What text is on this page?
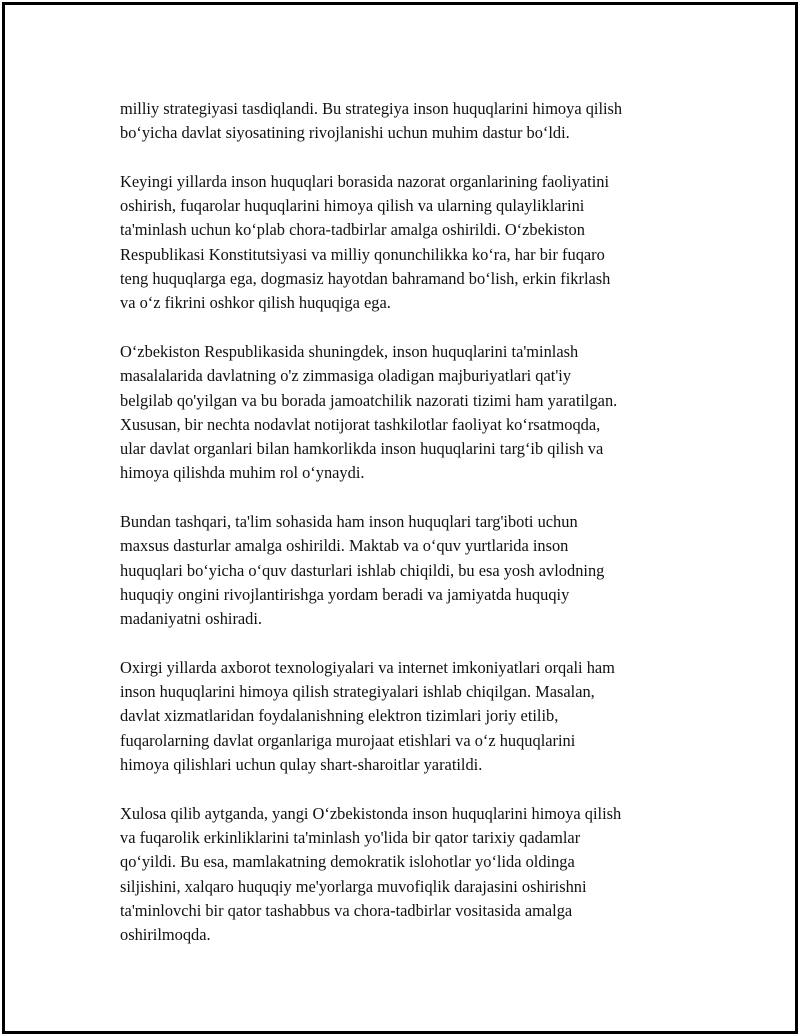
milliy strategiyasi tasdiqlandi. Bu strategiya inson huquqlarini himoya qilish
bo‘yicha davlat siyosatining rivojlanishi uchun muhim dastur bo‘ldi.

Keyingi yillarda inson huquqlari borasida nazorat organlarining faoliyatini
oshirish, fuqarolar huquqlarini himoya qilish va ularning qulayliklarini
ta'minlash uchun ko‘plab chora-tadbirlar amalga oshirildi. O‘zbekiston
Respublikasi Konstitutsiyasi va milliy qonunchilikka ko‘ra, har bir fuqaro
teng huquqlarga ega, dogmasiz hayotdan bahramand bo‘lish, erkin fikrlash
va o‘z fikrini oshkor qilish huquqiga ega.

O‘zbekiston Respublikasida shuningdek, inson huquqlarini ta'minlash
masalalarida davlatning o'z zimmasiga oladigan majburiyatlari qat'iy
belgilab qo'yilgan va bu borada jamoatchilik nazorati tizimi ham yaratilgan.
Xususan, bir nechta nodavlat notijorat tashkilotlar faoliyat ko‘rsatmoqda,
ular davlat organlari bilan hamkorlikda inson huquqlarini targ‘ib qilish va
himoya qilishda muhim rol o‘ynaydi.

Bundan tashqari, ta'lim sohasida ham inson huquqlari targ'iboti uchun
maxsus dasturlar amalga oshirildi. Maktab va o‘quv yurtlarida inson
huquqlari bo‘yicha o‘quv dasturlari ishlab chiqildi, bu esa yosh avlodning
huquqiy ongini rivojlantirishga yordam beradi va jamiyatda huquqiy
madaniyatni oshiradi.

Oxirgi yillarda axborot texnologiyalari va internet imkoniyatlari orqali ham
inson huquqlarini himoya qilish strategiyalari ishlab chiqilgan. Masalan,
davlat xizmatlaridan foydalanishning elektron tizimlari joriy etilib,
fuqarolarning davlat organlariga murojaat etishlari va o‘z huquqlarini
himoya qilishlari uchun qulay shart-sharoitlar yaratildi.

Xulosa qilib aytganda, yangi O‘zbekistonda inson huquqlarini himoya qilish
va fuqarolik erkinliklarini ta'minlash yo'lida bir qator tarixiy qadamlar
qo‘yildi. Bu esa, mamlakatning demokratik islohotlar yo‘lida oldinga
siljishini, xalqaro huquqiy me'yorlarga muvofiqlik darajasini oshirishni
ta'minlovchi bir qator tashabbus va chora-tadbirlar vositasida amalga
oshirilmoqda.
